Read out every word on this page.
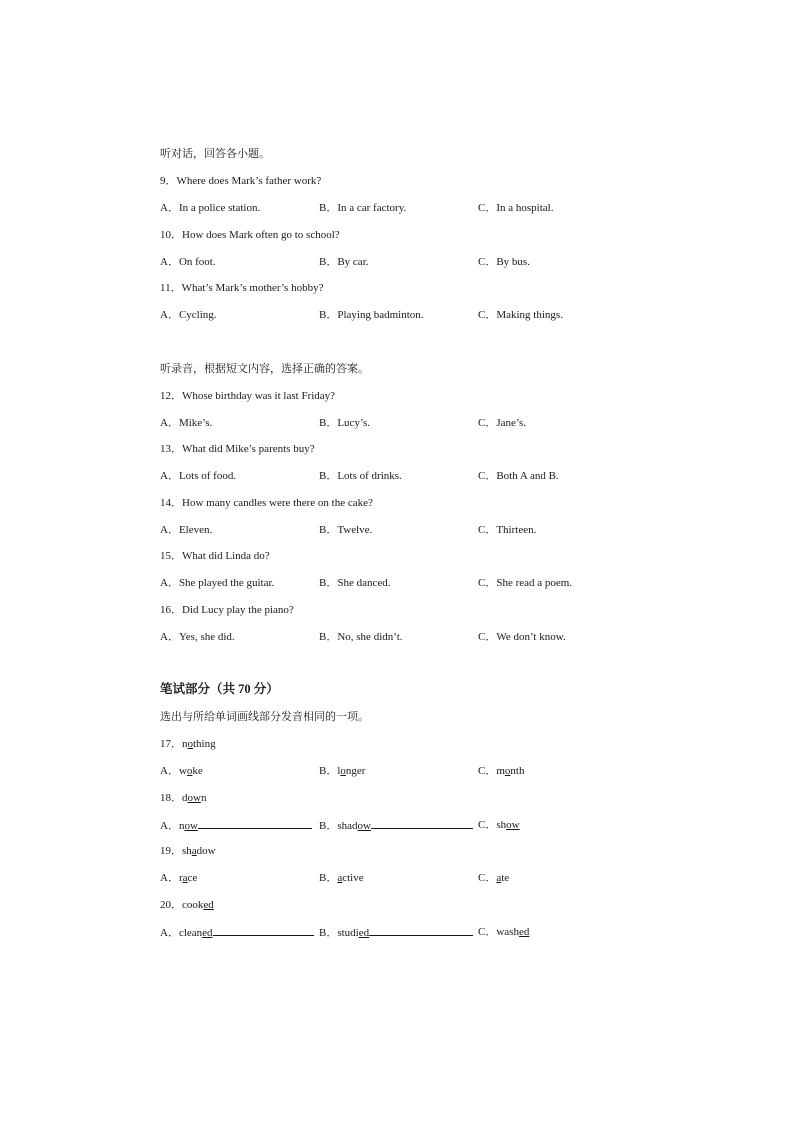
听对话，回答各小题。
9．Where does Mark’s father work?
A．In a police station.	B．In a car factory.	C．In a hospital.
10．How does Mark often go to school?
A．On foot.	B．By car.	C．By bus.
11．What’s Mark’s mother’s hobby?
A．Cycling.	B．Playing badminton.	C．Making things.
听录音，根据短文内容，选择正确的答案。
12．Whose birthday was it last Friday?
A．Mike’s.	B．Lucy’s.	C．Jane’s.
13．What did Mike’s parents buy?
A．Lots of food.	B．Lots of drinks.	C．Both A and B.
14．How many candles were there on the cake?
A．Eleven.	B．Twelve.	C．Thirteen.
15．What did Linda do?
A．She played the guitar.	B．She danced.	C．She read a poem.
16．Did Lucy play the piano?
A．Yes, she did.	B．No, she didn’t.	C．We don’t know.
笔试部分（共 70 分）
选出与所给单词画线部分发音相同的一项。
17．nothing
A．woke	B．longer	C．month
18．down
A．now	B．shadow	C．show
19．shadow
A．race	B．active	C．ate
20．cooked
A．cleaned	B．studied	C．washed
